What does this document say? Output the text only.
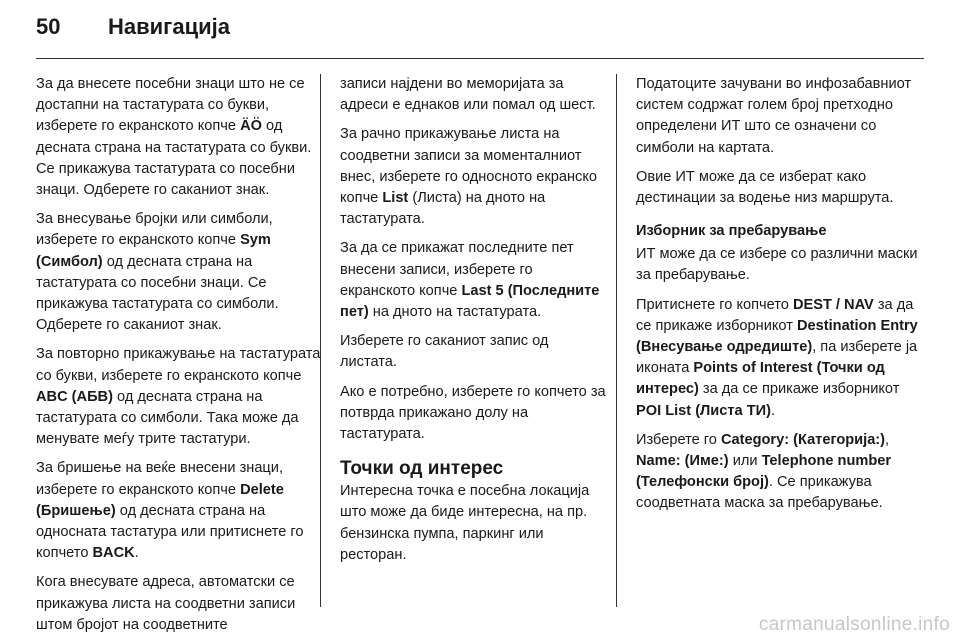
50	Навигација

За да внесете посебни знаци што не се достапни на тастатурата со букви, изберете го екранското копче ÄÖ од десната страна на тастатурата со букви. Се прикажува тастатурата со посебни знаци. Одберете го саканиот знак.

За внесување бројки или симболи, изберете го екранското копче Sym (Симбол) од десната страна на тастатурата со посебни знаци. Се прикажува тастатурата со симболи. Одберете го саканиот знак.

За повторно прикажување на тастатурата со букви, изберете го екранското копче ABC (АБВ) од десната страна на тастатурата со симболи. Така може да менувате меѓу трите тастатури.

За бришење на веќе внесени знаци, изберете го екранското копче Delete (Бришење) од десната страна на односната тастатура или притиснете го копчето BACK.

Кога внесувате адреса, автоматски се прикажува листа на соодветни записи штом бројот на соодветните

записи најдени во меморијата за адреси е еднаков или помал од шест.

За рачно прикажување листа на соодветни записи за моменталниот внес, изберете го односното екранско копче List (Листа) на дното на тастатурата.

За да се прикажат последните пет внесени записи, изберете го екранското копче Last 5 (Последните пет) на дното на тастатурата.

Изберете го саканиот запис од листата.

Ако е потребно, изберете го копчето за потврда прикажано долу на тастатурата.

Точки од интерес

Интересна точка е посебна локација што може да биде интересна, на пр. бензинска пумпа, паркинг или ресторан.

Податоците зачувани во инфозабавниот систем содржат голем број претходно определени ИТ што се означени со симболи на картата.

Овие ИТ може да се изберат како дестинации за водење низ маршрута.

Изборник за пребарување

ИТ може да се избере со различни маски за пребарување.

Притиснете го копчето DEST / NAV за да се прикаже изборникот Destination Entry (Внесување одредиште), па изберете ја иконата Points of Interest (Точки од интерес) за да се прикаже изборникот POI List (Листа ТИ).

Изберете го Category: (Категорија:), Name: (Име:) или Telephone number (Телефонски број). Се прикажува соодветната маска за пребарување.

carmanualsonline.info
